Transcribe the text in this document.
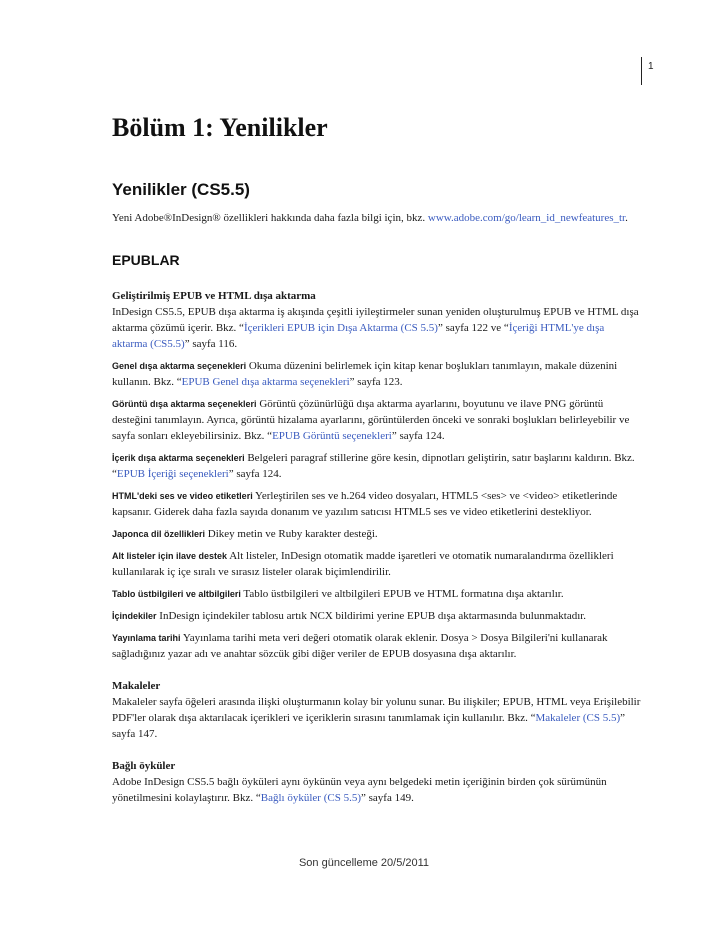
1
Bölüm 1: Yenilikler
Yenilikler (CS5.5)
Yeni Adobe®InDesign® özellikleri hakkında daha fazla bilgi için, bkz. www.adobe.com/go/learn_id_newfeatures_tr.
EPUBLAR
Geliştirilmiş EPUB ve HTML dışa aktarma

InDesign CS5.5, EPUB dışa aktarma iş akışında çeşitli iyileştirmeler sunan yeniden oluşturulmuş EPUB ve HTML dışa aktarma çözümü içerir. Bkz. “İçerikleri EPUB için Dışa Aktarma (CS 5.5)” sayfa 122 ve “İçeriği HTML'ye dışa aktarma (CS5.5)” sayfa 116.

Genel dışa aktarma seçenekleri Okuma düzenini belirlemek için kitap kenar boşlukları tanımlayın, makale düzenini kullanın. Bkz. “EPUB Genel dışa aktarma seçenekleri” sayfa 123.

Görüntü dışa aktarma seçenekleri Görüntü çözünürlüğü dışa aktarma ayarlarını, boyutunu ve ilave PNG görüntü desteğini tanımlayın. Ayrıca, görüntü hizalama ayarlarını, görüntülerden önceki ve sonraki boşlukları belirleyebilir ve sayfa sonları ekleyebilirsiniz. Bkz. “EPUB Görüntü seçenekleri” sayfa 124.

İçerik dışa aktarma seçenekleri Belgeleri paragraf stillerine göre kesin, dipnotları geliştirin, satır başlarını kaldırın. Bkz. “EPUB İçeriği seçenekleri” sayfa 124.

HTML'deki ses ve video etiketleri Yerleştirilen ses ve h.264 video dosyaları, HTML5 <ses> ve <video> etiketlerinde kapsanır. Giderek daha fazla sayıda donanım ve yazılım satıcısı HTML5 ses ve video etiketlerini destekliyor.

Japonca dil özellikleri Dikey metin ve Ruby karakter desteği.

Alt listeler için ilave destek Alt listeler, InDesign otomatik madde işaretleri ve otomatik numaralandırma özellikleri kullanılarak iç içe sıralı ve sırasız listeler olarak biçimlendirilir.

Tablo üstbilgileri ve altbilgileri Tablo üstbilgileri ve altbilgileri EPUB ve HTML formatına dışa aktarılır.

İçindekiler InDesign içindekiler tablosu artık NCX bildirimi yerine EPUB dışa aktarmasında bulunmaktadır.

Yayınlama tarihi Yayınlama tarihi meta veri değeri otomatik olarak eklenir. Dosya > Dosya Bilgileri'ni kullanarak sağladığınız yazar adı ve anahtar sözcük gibi diğer veriler de EPUB dosyasına dışa aktarılır.

Makaleler

Makaleler sayfa öğeleri arasında ilişki oluşturmanın kolay bir yolunu sunar. Bu ilişkiler; EPUB, HTML veya Erişilebilir PDF'ler olarak dışa aktarılacak içerikleri ve içeriklerin sırasını tanımlamak için kullanılır. Bkz. “Makaleler (CS 5.5)” sayfa 147.

Bağlı öyküler

Adobe InDesign CS5.5 bağlı öyküleri aynı öykünün veya aynı belgedeki metin içeriğinin birden çok sürümünün yönetilmesini kolaylaştırır. Bkz. “Bağlı öyküler (CS 5.5)” sayfa 149.

Son güncelleme 20/5/2011
